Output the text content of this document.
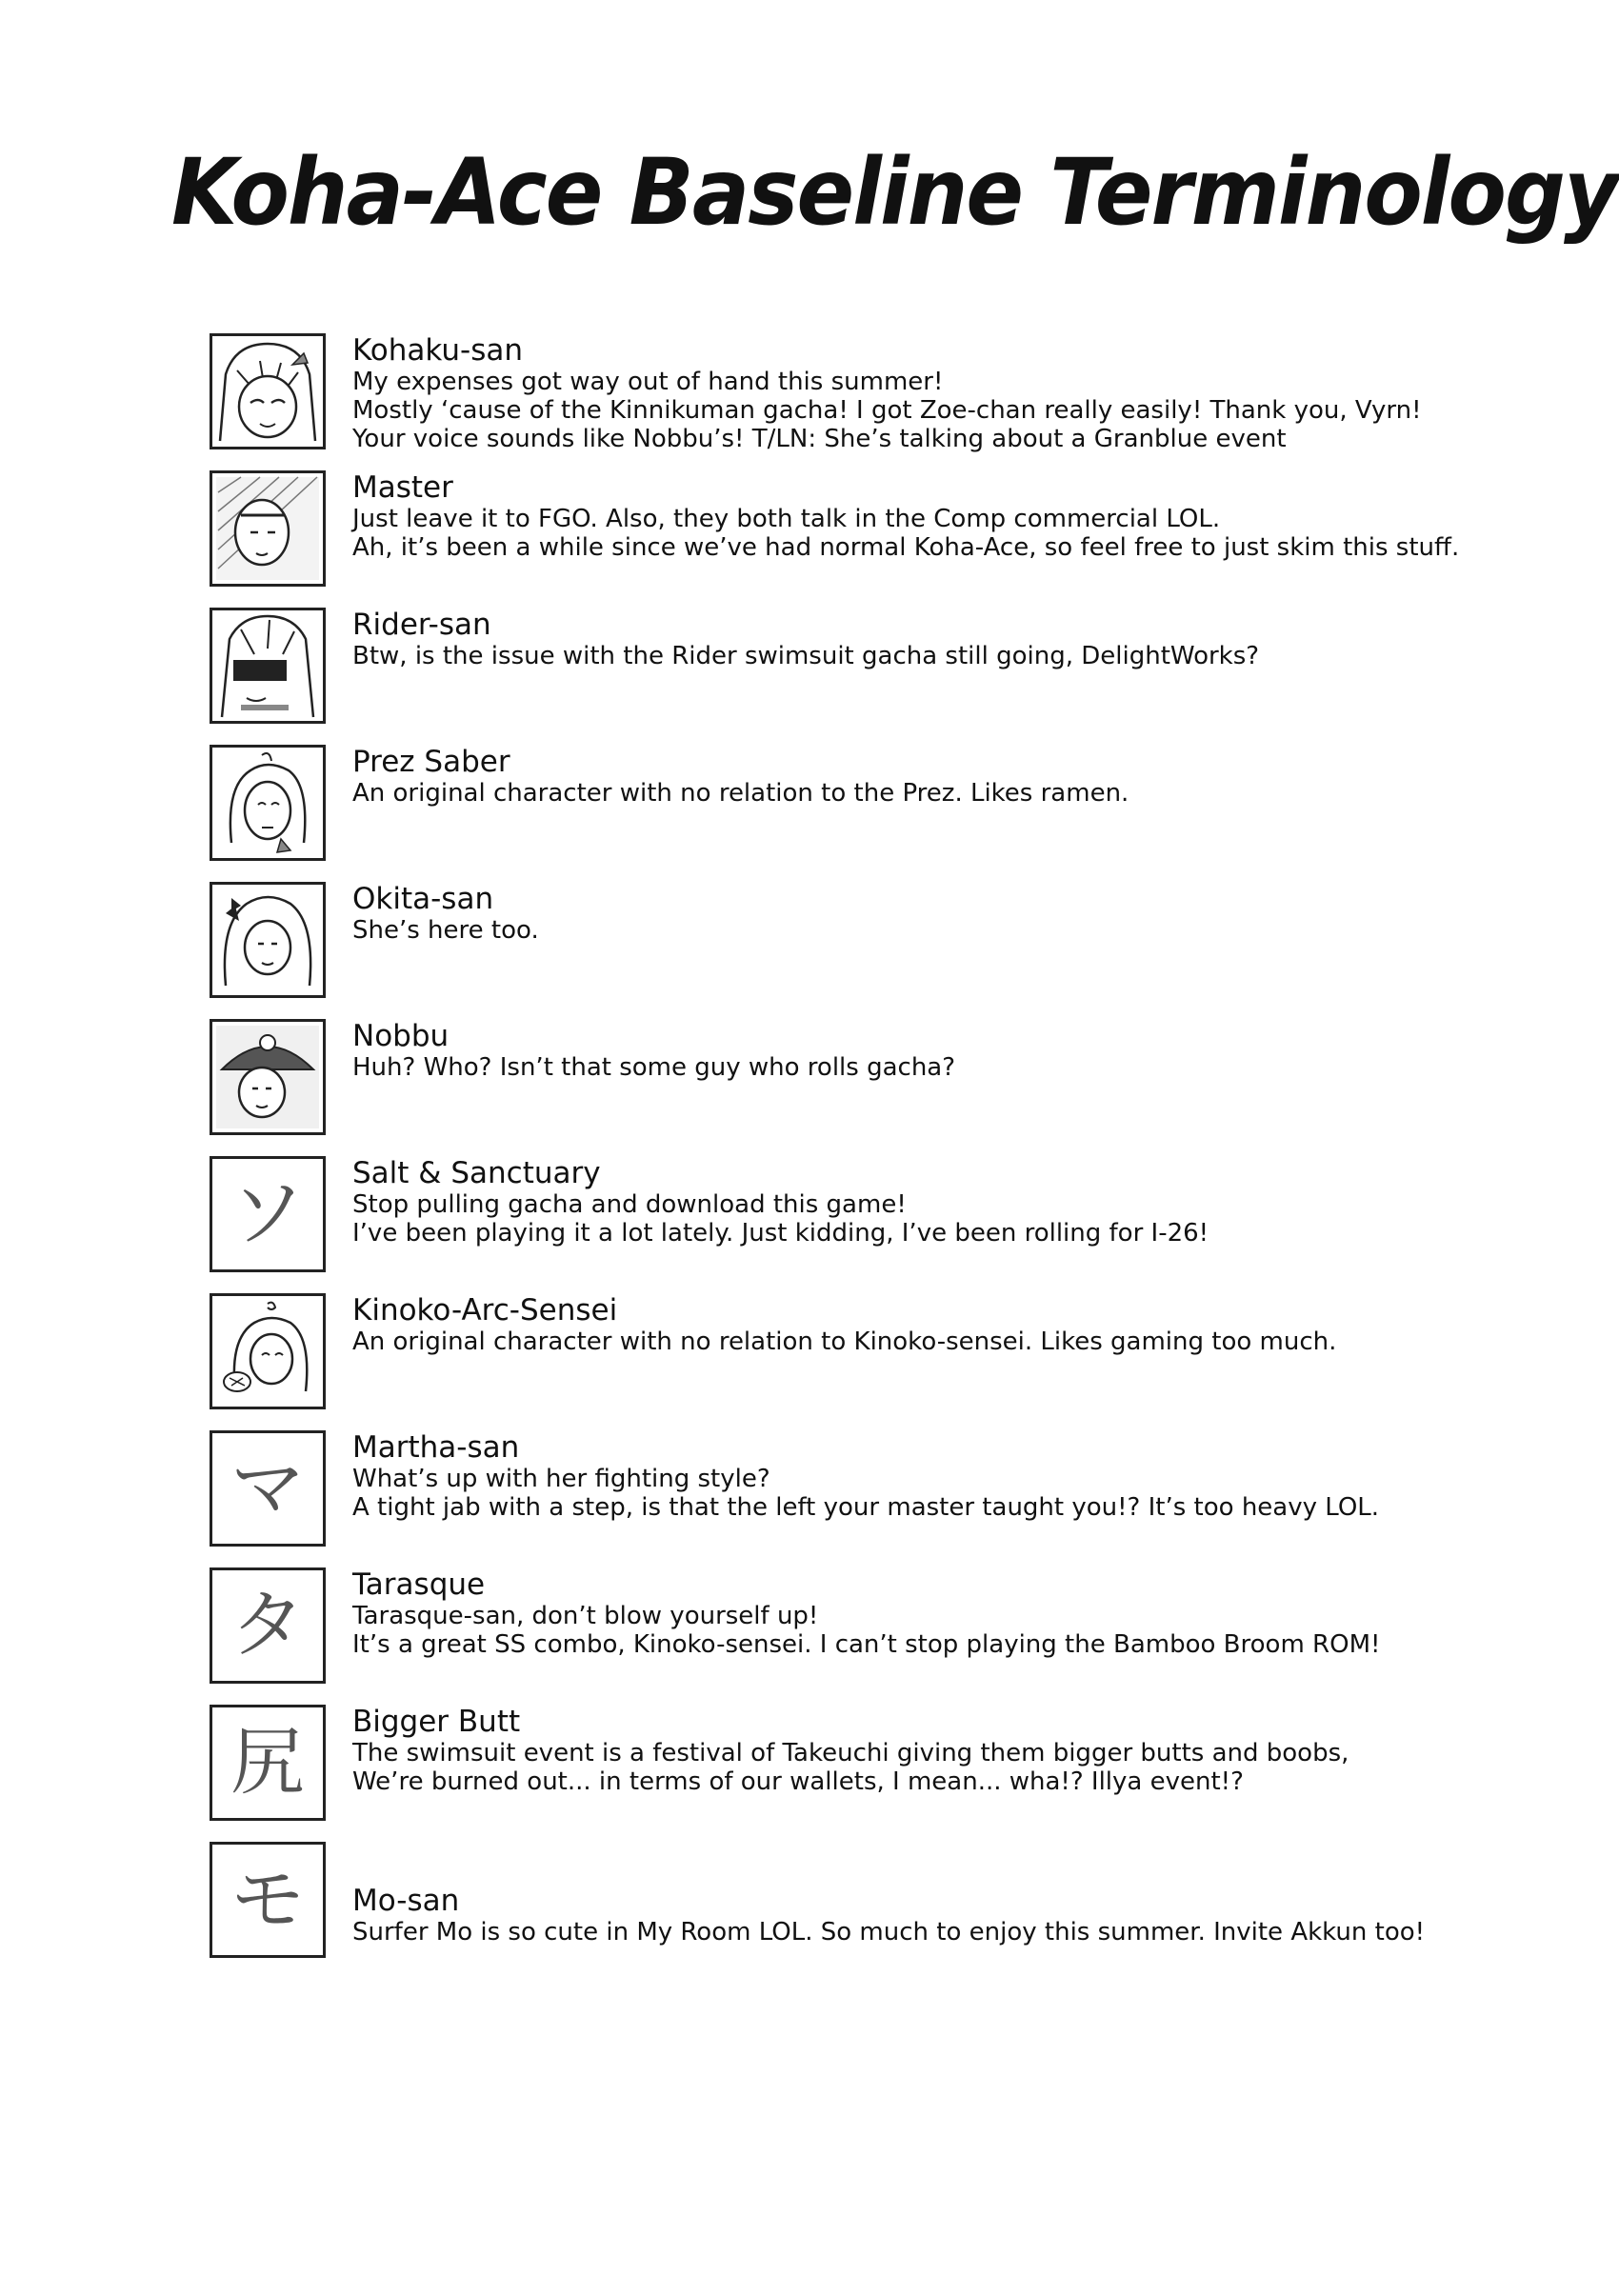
Koha-Ace Baseline Terminology
Kohaku-san
My expenses got way out of hand this summer!
Mostly ‘cause of the Kinnikuman gacha! I got Zoe-chan really easily! Thank you, Vyrn!
Your voice sounds like Nobbu’s! T/LN: She’s talking about a Granblue event
Master
Just leave it to FGO. Also, they both talk in the Comp commercial LOL.
Ah, it’s been a while since we’ve had normal Koha-Ace, so feel free to just skim this stuff.
Rider-san
Btw, is the issue with the Rider swimsuit gacha still going, DelightWorks?
Prez Saber
An original character with no relation to the Prez. Likes ramen.
Okita-san
She’s here too.
Nobbu
Huh? Who? Isn’t that some guy who rolls gacha?
ソ Salt & Sanctuary
Stop pulling gacha and download this game!
I’ve been playing it a lot lately. Just kidding, I’ve been rolling for I-26!
Kinoko-Arc-Sensei
An original character with no relation to Kinoko-sensei. Likes gaming too much.
マ Martha-san
What’s up with her fighting style?
A tight jab with a step, is that the left your master taught you!? It’s too heavy LOL.
タ Tarasque
Tarasque-san, don’t blow yourself up!
It’s a great SS combo, Kinoko-sensei. I can’t stop playing the Bamboo Broom ROM!
尻 Bigger Butt
The swimsuit event is a festival of Takeuchi giving them bigger butts and boobs,
We’re burned out... in terms of our wallets, I mean... wha!? Illya event!?
モ Mo-san
Surfer Mo is so cute in My Room LOL. So much to enjoy this summer. Invite Akkun too!
